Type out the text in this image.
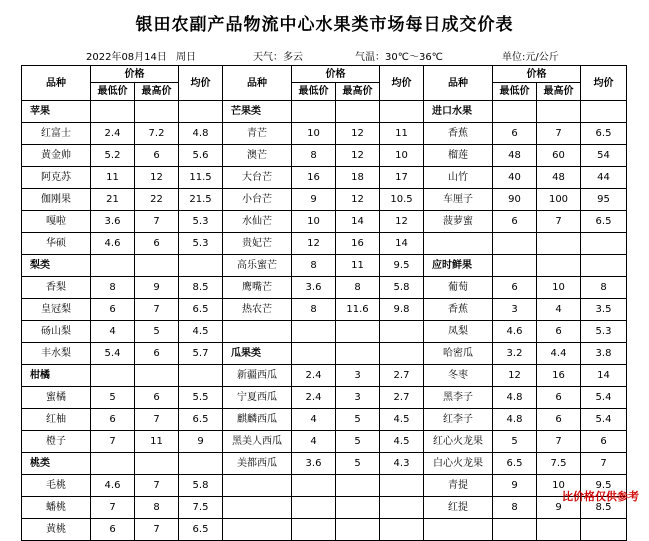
银田农副产品物流中心水果类市场每日成交价表
2022年08月14日 周日	天气：多云	气温：30℃～36℃	单位:元/公斤
品种	价格		均价	品种	价格		均价	品种	价格		均价
	最低价	最高价			最低价	最高价			最低价	最高价	
苹果				芒果类				进口水果			
红富士	2.4	7.2	4.8	青芒	10	12	11	香蕉	6	7	6.5
黄金帅	5.2	6	5.6	澳芒	8	12	10	榴莲	48	60	54
阿克苏	11	12	11.5	大台芒	16	18	17	山竹	40	48	44
伽刚果	21	22	21.5	小台芒	9	12	10.5	车厘子	90	100	95
嘎啦	3.6	7	5.3	水仙芒	10	14	12	菠萝蜜	6	7	6.5
华硕	4.6	6	5.3	贵妃芒	12	16	14				
梨类				高乐蜜芒	8	11	9.5	应时鲜果			
香梨	8	9	8.5	鹰嘴芒	3.6	8	5.8	葡萄	6	10	8
皇冠梨	6	7	6.5	热农芒	8	11.6	9.8	香蕉	3	4	3.5
砀山梨	4	5	4.5					凤梨	4.6	6	5.3
丰水梨	5.4	6	5.7	瓜果类				哈密瓜	3.2	4.4	3.8
柑橘				新疆西瓜	2.4	3	2.7	冬枣	12	16	14
蜜橘	5	6	5.5	宁夏西瓜	2.4	3	2.7	黑李子	4.8	6	5.4
红柚	6	7	6.5	麒麟西瓜	4	5	4.5	红李子	4.8	6	5.4
橙子	7	11	9	黑美人西瓜	4	5	4.5	红心火龙果	5	7	6
桃类				美都西瓜	3.6	5	4.3	白心火龙果	6.5	7.5	7
毛桃	4.6	7	5.8					青提	9	10	9.5
蟠桃	7	8	7.5					红提	8	9	8.5
黄桃	6	7	6.5								
比价格仅供参考
